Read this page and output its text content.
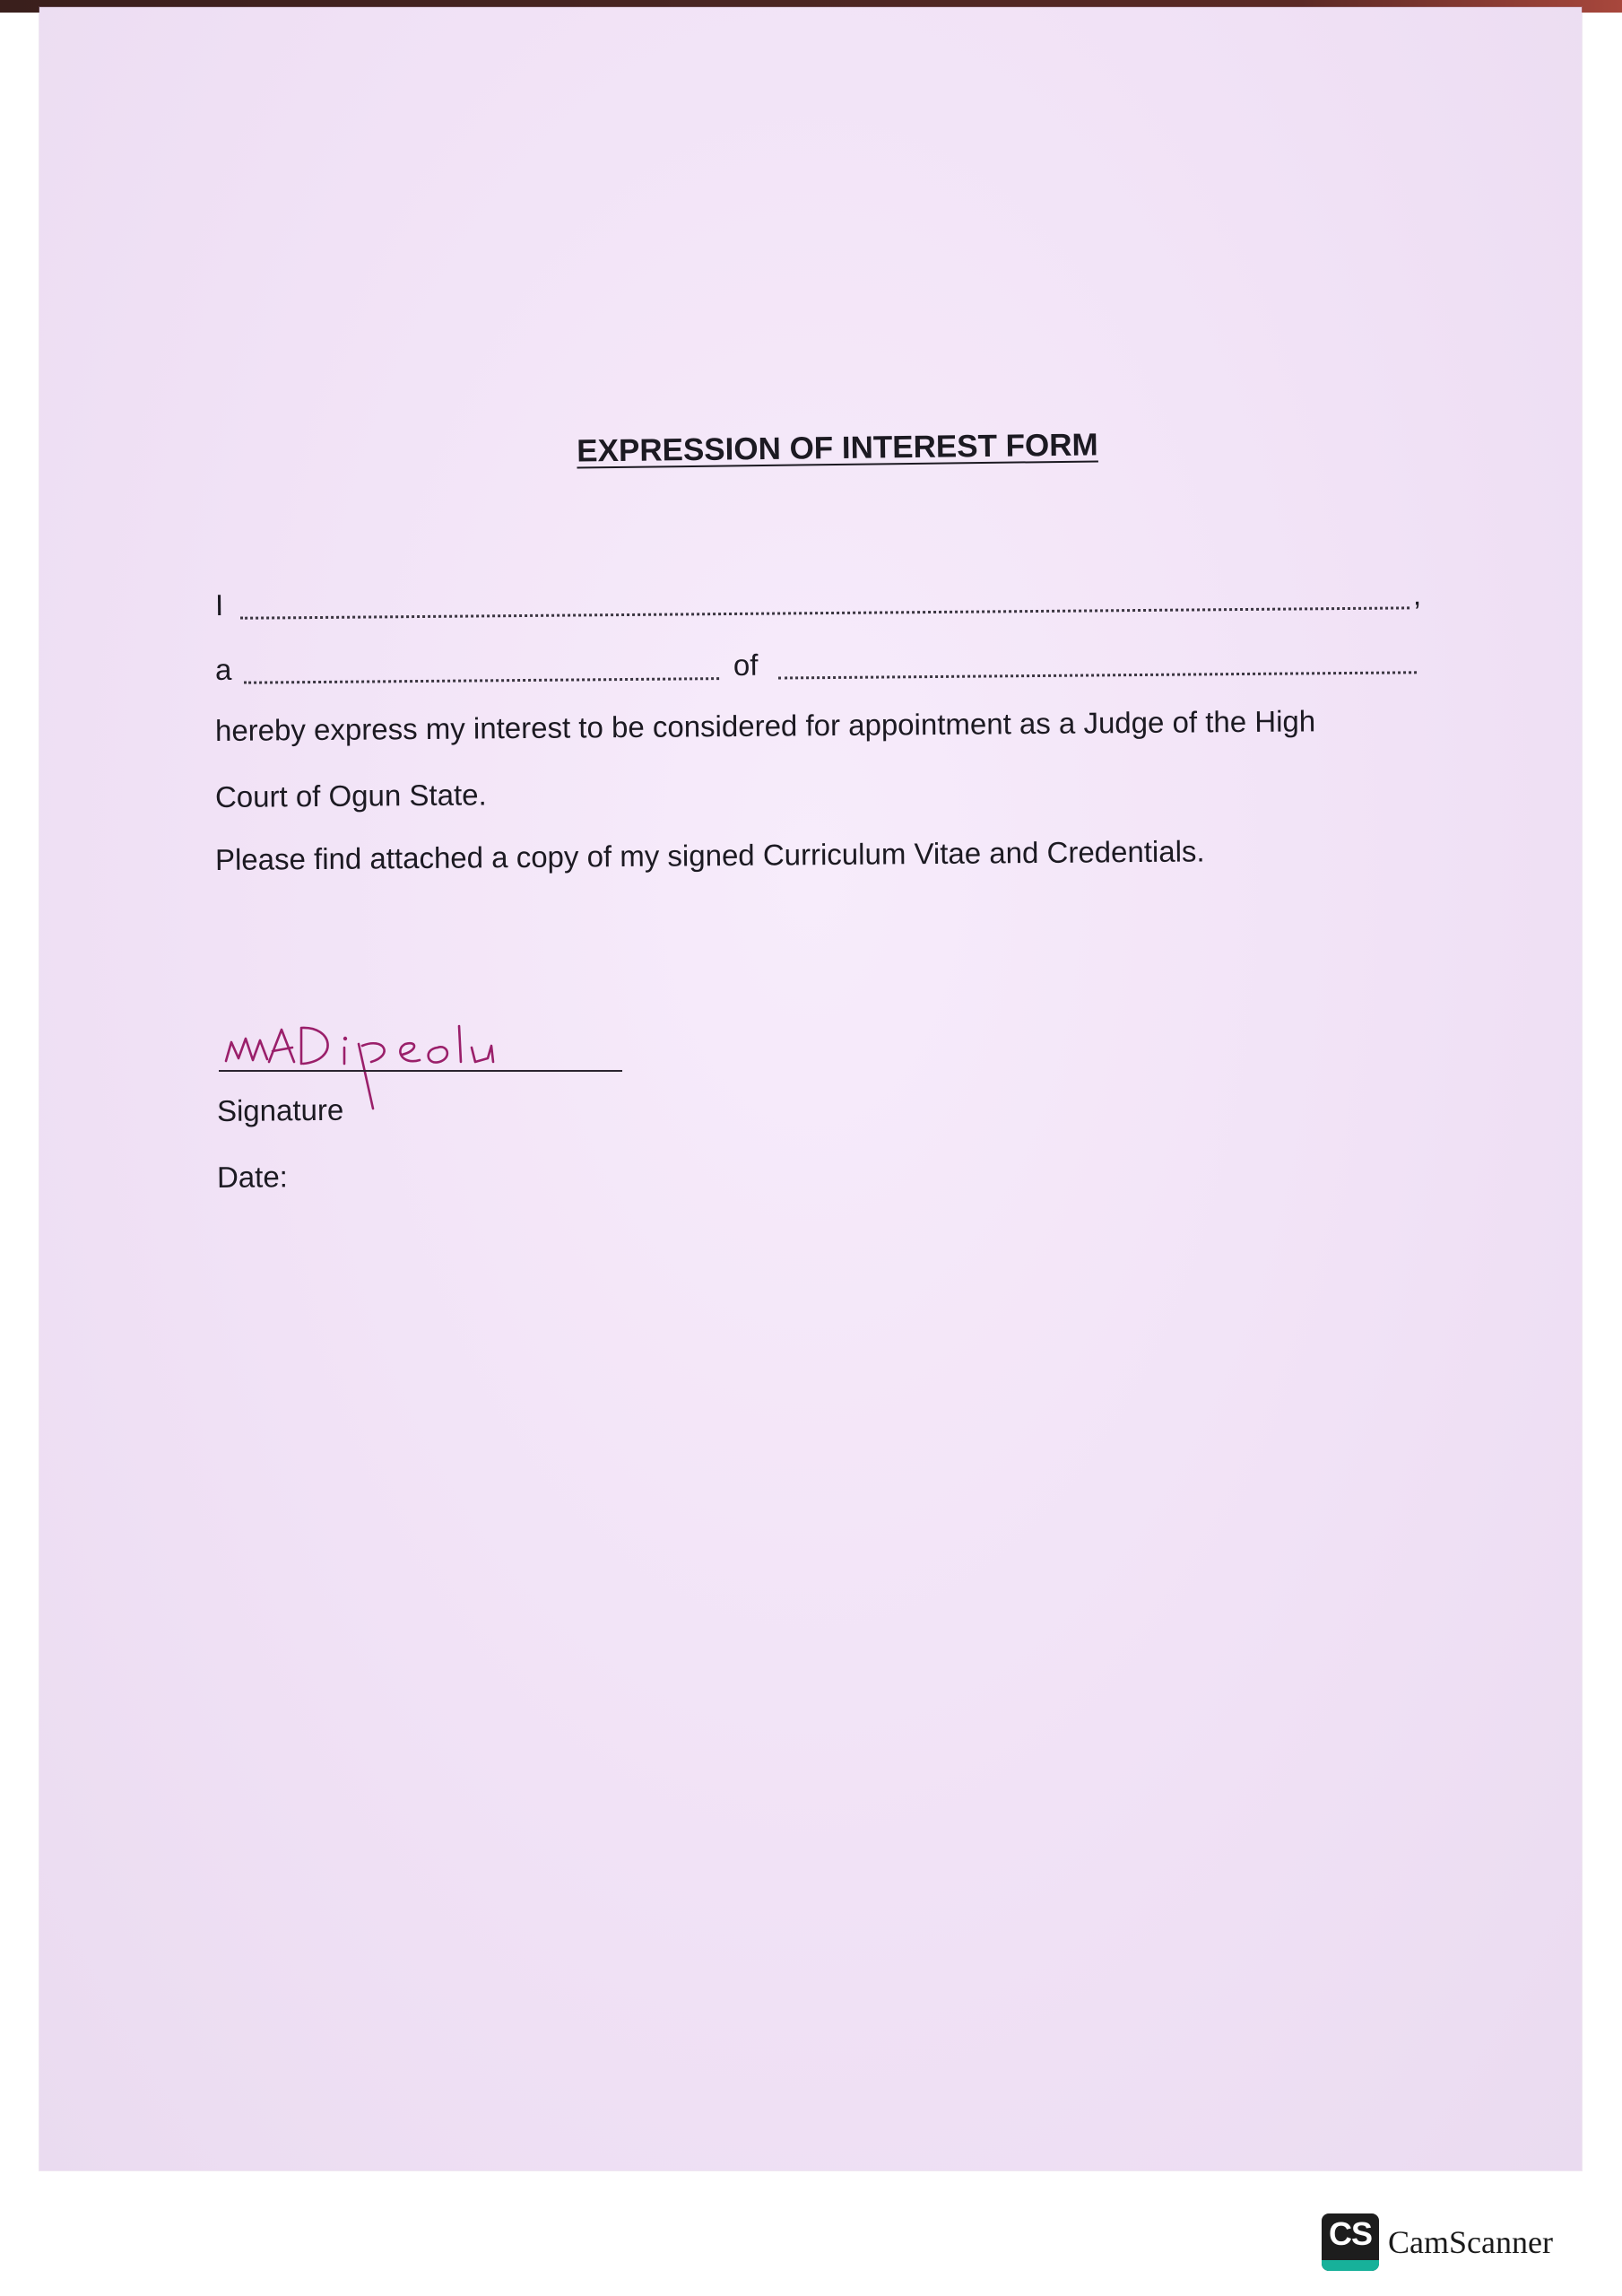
EXPRESSION OF INTEREST FORM
I	,
a	of
hereby express my interest to be considered for appointment as a Judge of the High
Court of Ogun State.
Please find attached a copy of my signed Curriculum Vitae and Credentials.
Signature
Date:
CS CamScanner
